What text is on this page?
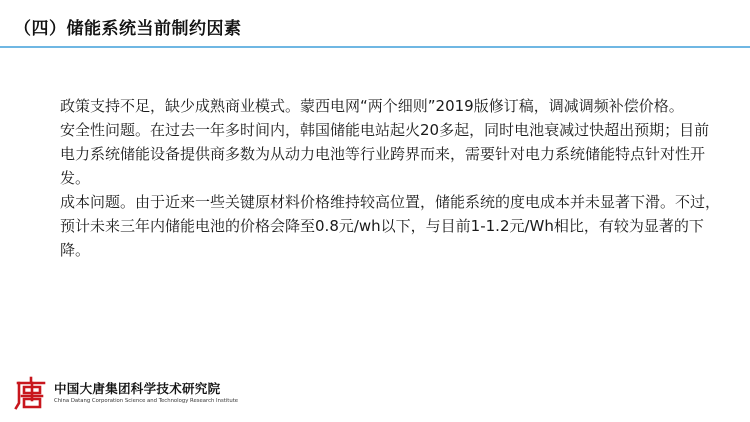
（四）储能系统当前制约因素

政策支持不足，缺少成熟商业模式。蒙西电网“两个细则”2019版修订稿，调减调频补偿价格。

安全性问题。在过去一年多时间内，韩国储能电站起火20多起，同时电池衰减过快超出预期；目前电力系统储能设备提供商多数为从动力电池等行业跨界而来，需要针对电力系统储能特点针对性开发。

成本问题。由于近来一些关键原材料价格维持较高位置，储能系统的度电成本并未显著下滑。不过，预计未来三年内储能电池的价格会降至0.8元/wh以下，与目前1-1.2元/Wh相比，有较为显著的下降。

中国大唐集团科学技术研究院
China Datang Corporation Science and Technology Research Institute
